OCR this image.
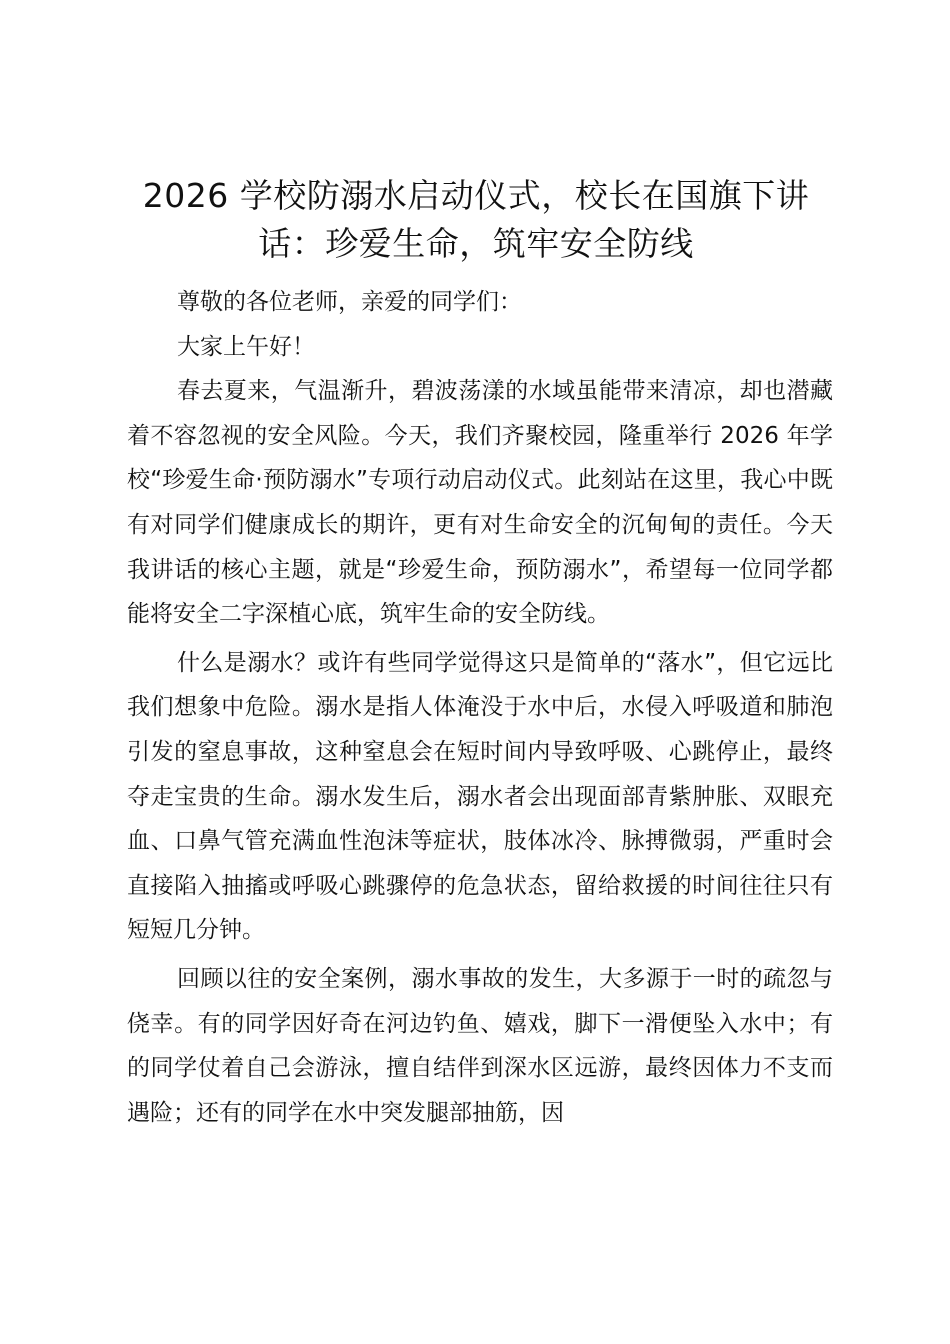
2026 学校防溺水启动仪式，校长在国旗下讲话：珍爱生命，筑牢安全防线

尊敬的各位老师，亲爱的同学们：

大家上午好！

春去夏来，气温渐升，碧波荡漾的水域虽能带来清凉，却也潜藏着不容忽视的安全风险。今天，我们齐聚校园，隆重举行 2026 年学校“珍爱生命·预防溺水”专项行动启动仪式。此刻站在这里，我心中既有对同学们健康成长的期许，更有对生命安全的沉甸甸的责任。今天我讲话的核心主题，就是“珍爱生命，预防溺水”，希望每一位同学都能将安全二字深植心底，筑牢生命的安全防线。

什么是溺水？或许有些同学觉得这只是简单的“落水”，但它远比我们想象中危险。溺水是指人体淹没于水中后，水侵入呼吸道和肺泡引发的窒息事故，这种窒息会在短时间内导致呼吸、心跳停止，最终夺走宝贵的生命。溺水发生后，溺水者会出现面部青紫肿胀、双眼充血、口鼻气管充满血性泡沫等症状，肢体冰冷、脉搏微弱，严重时会直接陷入抽搐或呼吸心跳骤停的危急状态，留给救援的时间往往只有短短几分钟。

回顾以往的安全案例，溺水事故的发生，大多源于一时的疏忽与侥幸。有的同学因好奇在河边钓鱼、嬉戏，脚下一滑便坠入水中；有的同学仗着自己会游泳，擅自结伴到深水区远游，最终因体力不支而遇险；还有的同学在水中突发腿部抽筋，因
